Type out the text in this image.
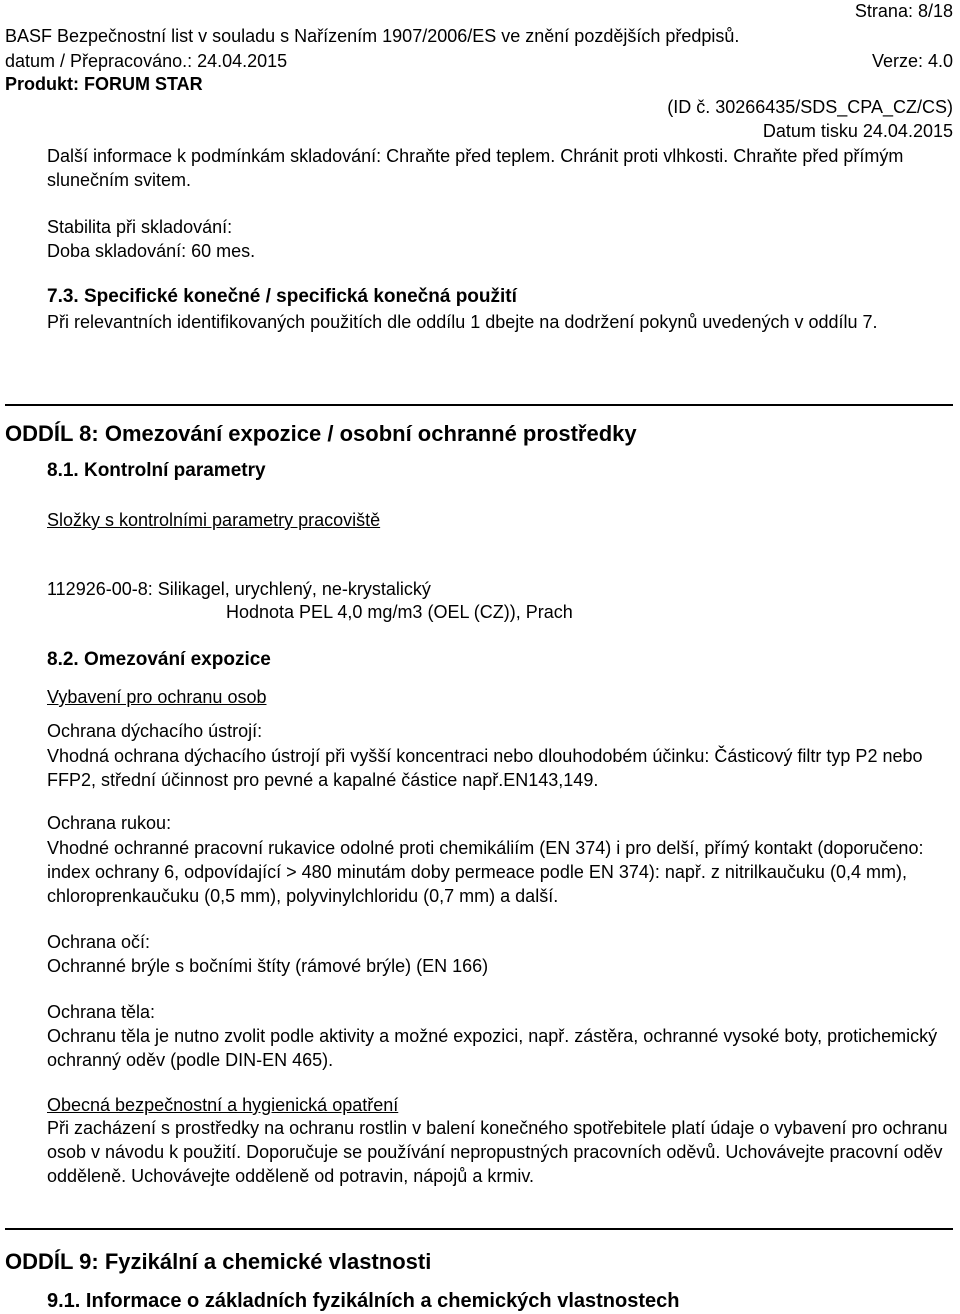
Strana: 8/18
BASF Bezpečnostní list v souladu s Nařízením 1907/2006/ES ve znění pozdějších předpisů.
datum / Přepracováno.: 24.04.2015	Verze: 4.0
Produkt: FORUM STAR
(ID č. 30266435/SDS_CPA_CZ/CS)
Datum tisku 24.04.2015
Další informace k podmínkám skladování: Chraňte před teplem. Chránit proti vlhkosti. Chraňte před přímým slunečním svitem.
Stabilita při skladování:
Doba skladování: 60 mes.
7.3. Specifické konečné / specifická konečná použití
Při relevantních identifikovaných použitích dle oddílu 1 dbejte na dodržení pokynů uvedených v oddílu 7.
ODDÍL 8: Omezování expozice / osobní ochranné prostředky
8.1. Kontrolní parametry
Složky s kontrolními parametry pracoviště
112926-00-8: Silikagel, urychlený, ne-krystalický
Hodnota PEL 4,0 mg/m3 (OEL (CZ)), Prach
8.2. Omezování expozice
Vybavení pro ochranu osob
Ochrana dýchacího ústrojí:
Vhodná ochrana dýchacího ústrojí při vyšší koncentraci nebo dlouhodobém účinku: Částicový filtr typ P2 nebo FFP2, střední účinnost pro pevné a kapalné částice např.EN143,149.
Ochrana rukou:
Vhodné ochranné pracovní rukavice odolné proti chemikáliím (EN 374) i pro delší, přímý kontakt (doporučeno: index ochrany 6, odpovídající > 480 minutám doby permeace podle EN 374): např. z nitrilkaučuku (0,4 mm), chloroprenkaučuku (0,5 mm), polyvinylchloridu (0,7 mm) a další.
Ochrana očí:
Ochranné brýle s bočními štíty (rámové brýle) (EN 166)
Ochrana těla:
Ochranu těla je nutno zvolit podle aktivity a možné expozici, např. zástěra, ochranné vysoké boty, protichemický ochranný oděv (podle DIN-EN 465).
Obecná bezpečnostní a hygienická opatření
Při zacházení s prostředky na ochranu rostlin v balení konečného spotřebitele platí údaje o vybavení pro ochranu osob v návodu k použití. Doporučuje se používání nepropustných pracovních oděvů. Uchovávejte pracovní oděv odděleně. Uchovávejte odděleně od potravin, nápojů a krmiv.
ODDÍL 9: Fyzikální a chemické vlastnosti
9.1. Informace o základních fyzikálních a chemických vlastnostech
